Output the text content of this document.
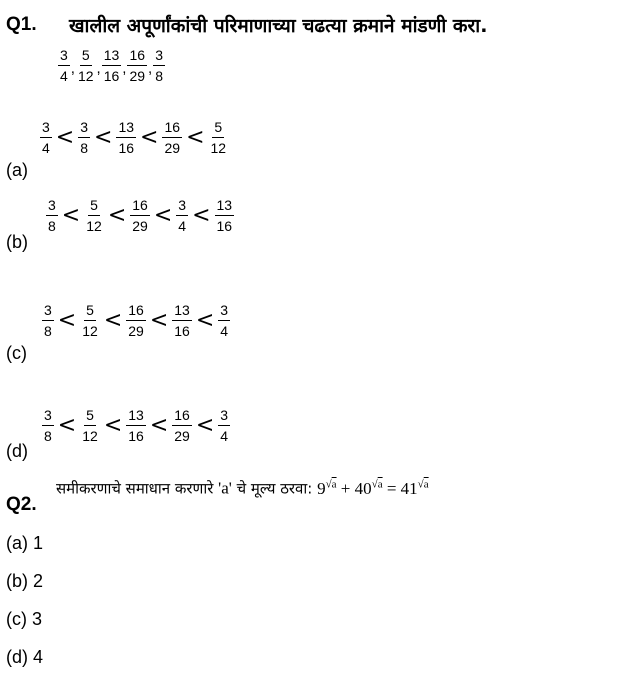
Q1. खालील अपूर्णांकांची परिमाणाच्या चढत्या क्रमाने मांडणी करा.
$\frac{3}{4}$ , $\frac{5}{12}$ , $\frac{13}{16}$ , $\frac{16}{29}$ , $\frac{3}{8}$
$\frac{3}{4} < \frac{3}{8} < \frac{13}{16} < \frac{16}{29} < \frac{5}{12}$
(a)
$\frac{3}{8} < \frac{5}{12} < \frac{16}{29} < \frac{3}{4} < \frac{13}{16}$
(b)
$\frac{3}{8} < \frac{5}{12} < \frac{16}{29} < \frac{13}{16} < \frac{3}{4}$
(c)
$\frac{3}{8} < \frac{5}{12} < \frac{13}{16} < \frac{16}{29} < \frac{3}{4}$
(d)
समीकरणाचे समाधान करणारे 'a' चे मूल्य ठरवा: $9^{√a} + 40^{√a} = 41^{√a}$
Q2.
(a) 1
(b) 2
(c) 3
(d) 4
